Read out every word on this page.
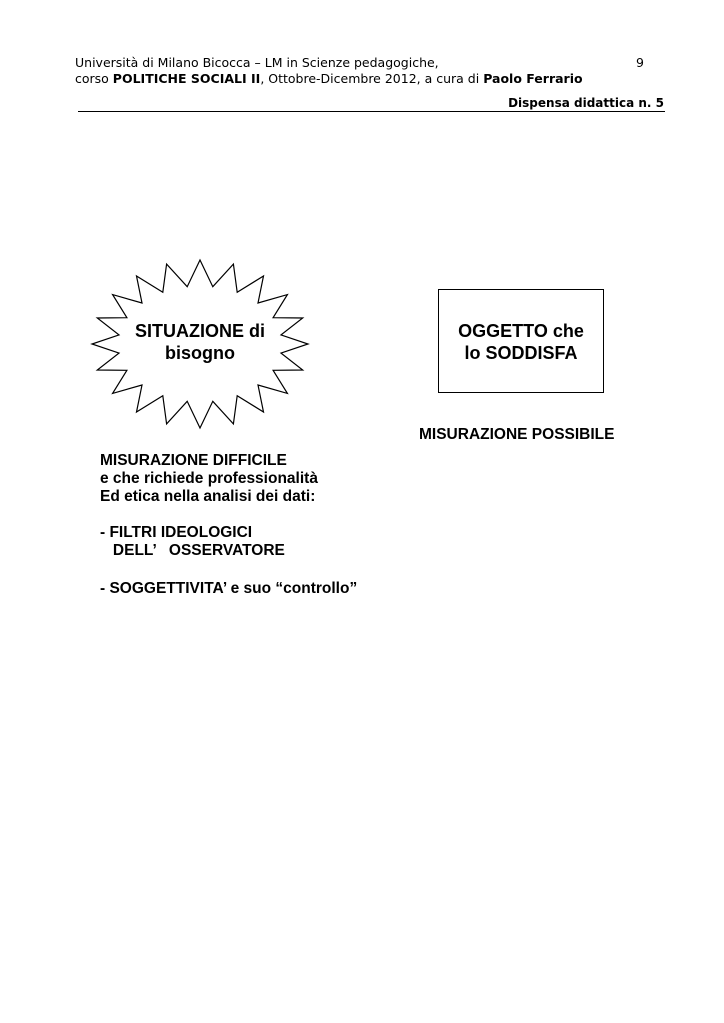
Università di Milano Bicocca – LM in Scienze pedagogiche,
corso POLITICHE SOCIALI II, Ottobre-Dicembre 2012, a cura di Paolo Ferrario
9
Dispensa didattica n. 5
SITUAZIONE di
bisogno
OGGETTO che
lo SODDISFA
MISURAZIONE POSSIBILE
MISURAZIONE DIFFICILE
e che richiede professionalità
Ed etica nella analisi dei dati:
- FILTRI IDEOLOGICI
DELL’   OSSERVATORE
- SOGGETTIVITA’ e suo “controllo”
